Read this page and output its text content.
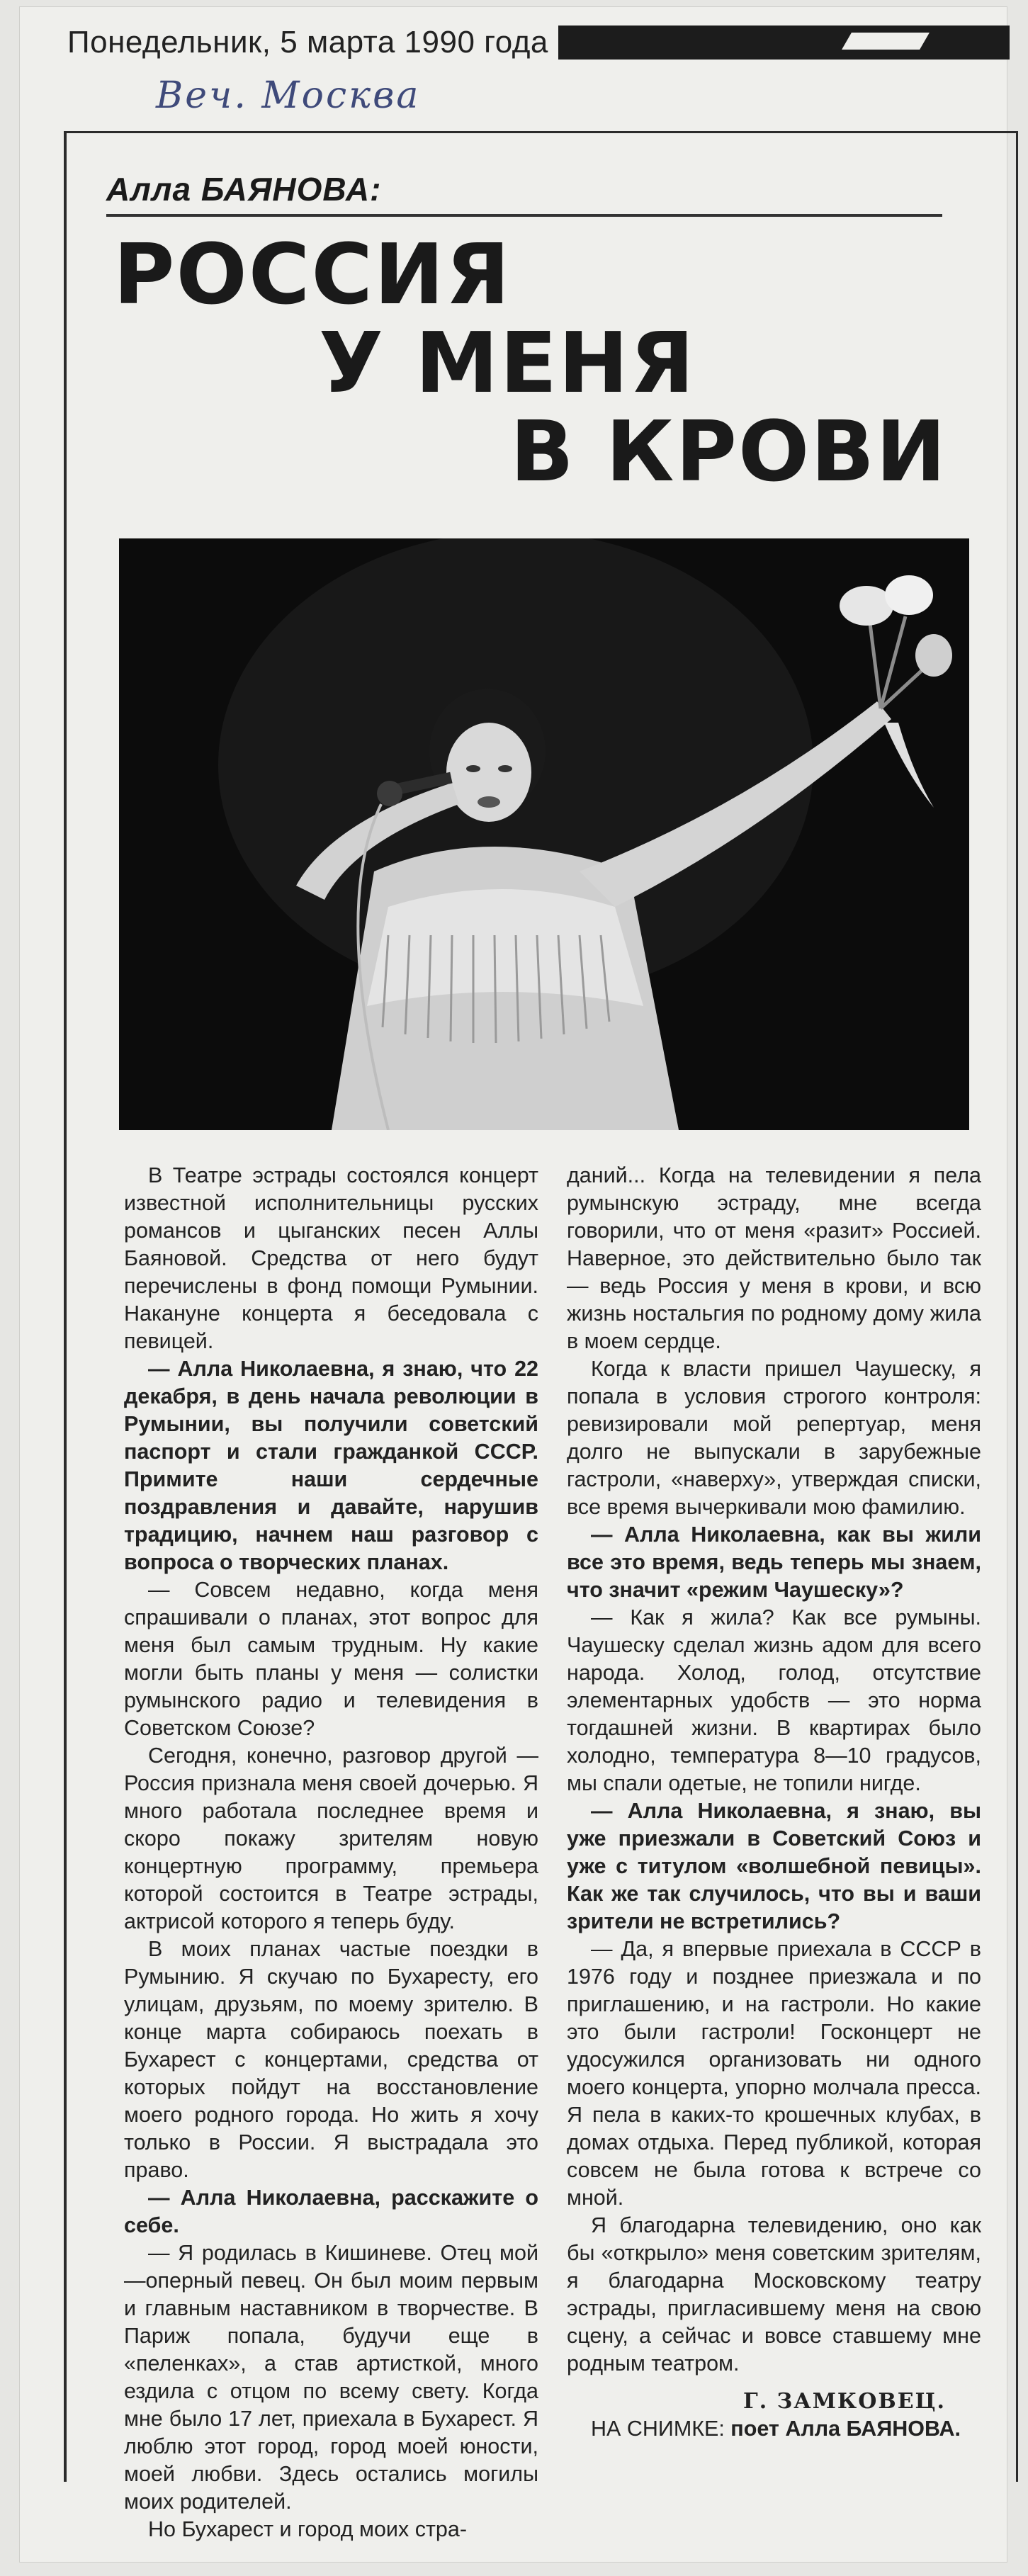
Понедельник, 5 марта 1990 года
Веч. Москва
Алла БАЯНОВА:
РОССИЯ
У МЕНЯ
В КРОВИ

В Театре эстрады состоялся концерт известной исполнительницы русских романсов и цыганских песен Аллы Баяновой. Средства от него будут перечислены в фонд помощи Румынии. Накануне концерта я беседовала с певицей.

— Алла Николаевна, я знаю, что 22 декабря, в день начала революции в Румынии, вы получили советский паспорт и стали гражданкой СССР. Примите наши сердечные поздравления и давайте, нарушив традицию, начнем наш разговор с вопроса о творческих планах.

— Совсем недавно, когда меня спрашивали о планах, этот вопрос для меня был самым трудным. Ну какие могли быть планы у меня — солистки румынского радио и телевидения в Советском Союзе?

Сегодня, конечно, разговор другой — Россия признала меня своей дочерью. Я много работала последнее время и скоро покажу зрителям новую концертную программу, премьера которой состоится в Театре эстрады, актрисой которого я теперь буду.

В моих планах частые поездки в Румынию. Я скучаю по Бухаресту, его улицам, друзьям, по моему зрителю. В конце марта собираюсь поехать в Бухарест с концертами, средства от которых пойдут на восстановление моего родного города. Но жить я хочу только в России. Я выстрадала это право.

— Алла Николаевна, расскажите о себе.

— Я родилась в Кишиневе. Отец мой—оперный певец. Он был моим первым и главным наставником в творчестве. В Париж попала, будучи еще в «пеленках», а став артисткой, много ездила с отцом по всему свету. Когда мне было 17 лет, приехала в Бухарест. Я люблю этот город, город моей юности, моей любви. Здесь остались могилы моих родителей.

Но Бухарест и город моих стра-

даний... Когда на телевидении я пела румынскую эстраду, мне всегда говорили, что от меня «разит» Россией. Наверное, это действительно было так — ведь Россия у меня в крови, и всю жизнь ностальгия по родному дому жила в моем сердце.

Когда к власти пришел Чаушеску, я попала в условия строгого контроля: ревизировали мой репертуар, меня долго не выпускали в зарубежные гастроли, «наверху», утверждая списки, все время вычеркивали мою фамилию.

— Алла Николаевна, как вы жили все это время, ведь теперь мы знаем, что значит «режим Чаушеску»?

— Как я жила? Как все румыны. Чаушеску сделал жизнь адом для всего народа. Холод, голод, отсутствие элементарных удобств — это норма тогдашней жизни. В квартирах было холодно, температура 8—10 градусов, мы спали одетые, не топили нигде.

— Алла Николаевна, я знаю, вы уже приезжали в Советский Союз и уже с титулом «волшебной певицы». Как же так случилось, что вы и ваши зрители не встретились?

— Да, я впервые приехала в СССР в 1976 году и позднее приезжала и по приглашению, и на гастроли. Но какие это были гастроли! Госконцерт не удосужился организовать ни одного моего концерта, упорно молчала пресса. Я пела в каких-то крошечных клубах, в домах отдыха. Перед публикой, которая совсем не была готова к встрече со мной.

Я благодарна телевидению, оно как бы «открыло» меня советским зрителям, я благодарна Московскому театру эстрады, пригласившему меня на свою сцену, а сейчас и вовсе ставшему мне родным театром.

Г. ЗАМКОВЕЦ.

НА СНИМКЕ: поет Алла БАЯНОВА.
